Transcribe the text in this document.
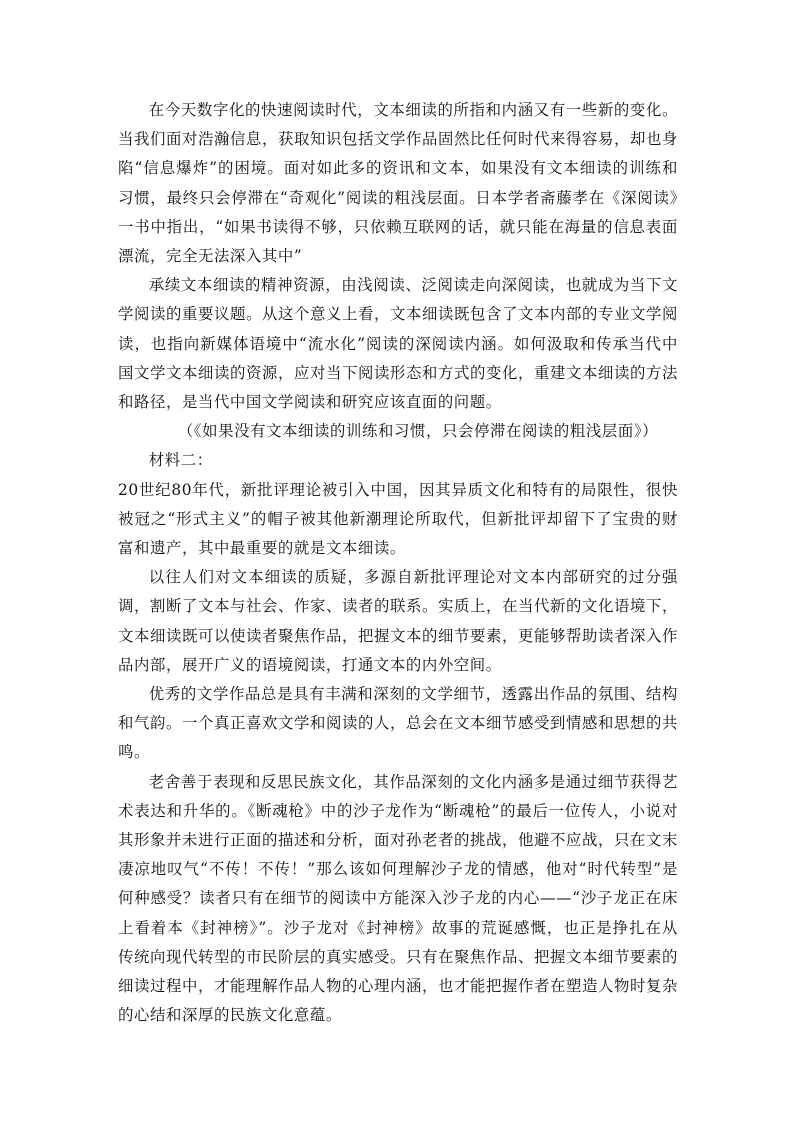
在今天数字化的快速阅读时代，文本细读的所指和内涵又有一些新的变化。当我们面对浩瀚信息，获取知识包括文学作品固然比任何时代来得容易，却也身陷“信息爆炸”的困境。面对如此多的资讯和文本，如果没有文本细读的训练和习惯，最终只会停滞在“奇观化”阅读的粗浅层面。日本学者斋藤孝在《深阅读》一书中指出，“如果书读得不够，只依赖互联网的话，就只能在海量的信息表面漂流，完全无法深入其中”

承续文本细读的精神资源，由浅阅读、泛阅读走向深阅读，也就成为当下文学阅读的重要议题。从这个意义上看，文本细读既包含了文本内部的专业文学阅读，也指向新媒体语境中“流水化”阅读的深阅读内涵。如何汲取和传承当代中国文学文本细读的资源，应对当下阅读形态和方式的变化，重建文本细读的方法和路径，是当代中国文学阅读和研究应该直面的问题。

（《如果没有文本细读的训练和习惯，只会停滞在阅读的粗浅层面》）

材料二：

20世纪80年代，新批评理论被引入中国，因其异质文化和特有的局限性，很快被冠之“形式主义”的帽子被其他新潮理论所取代，但新批评却留下了宝贵的财富和遗产，其中最重要的就是文本细读。

以往人们对文本细读的质疑，多源自新批评理论对文本内部研究的过分强调，割断了文本与社会、作家、读者的联系。实质上，在当代新的文化语境下，文本细读既可以使读者聚焦作品，把握文本的细节要素，更能够帮助读者深入作品内部，展开广义的语境阅读，打通文本的内外空间。

优秀的文学作品总是具有丰满和深刻的文学细节，透露出作品的氛围、结构和气韵。一个真正喜欢文学和阅读的人，总会在文本细节感受到情感和思想的共鸣。

老舍善于表现和反思民族文化，其作品深刻的文化内涵多是通过细节获得艺术表达和升华的。《断魂枪》中的沙子龙作为“断魂枪”的最后一位传人，小说对其形象并未进行正面的描述和分析，面对孙老者的挑战，他避不应战，只在文末凄凉地叹气“不传！不传！”那么该如何理解沙子龙的情感，他对“时代转型”是何种感受？读者只有在细节的阅读中方能深入沙子龙的内心——“沙子龙正在床上看着本《封神榜》”。沙子龙对《封神榜》故事的荒诞感慨，也正是挣扎在从传统向现代转型的市民阶层的真实感受。只有在聚焦作品、把握文本细节要素的细读过程中，才能理解作品人物的心理内涵，也才能把握作者在塑造人物时复杂的心结和深厚的民族文化意蕴。
